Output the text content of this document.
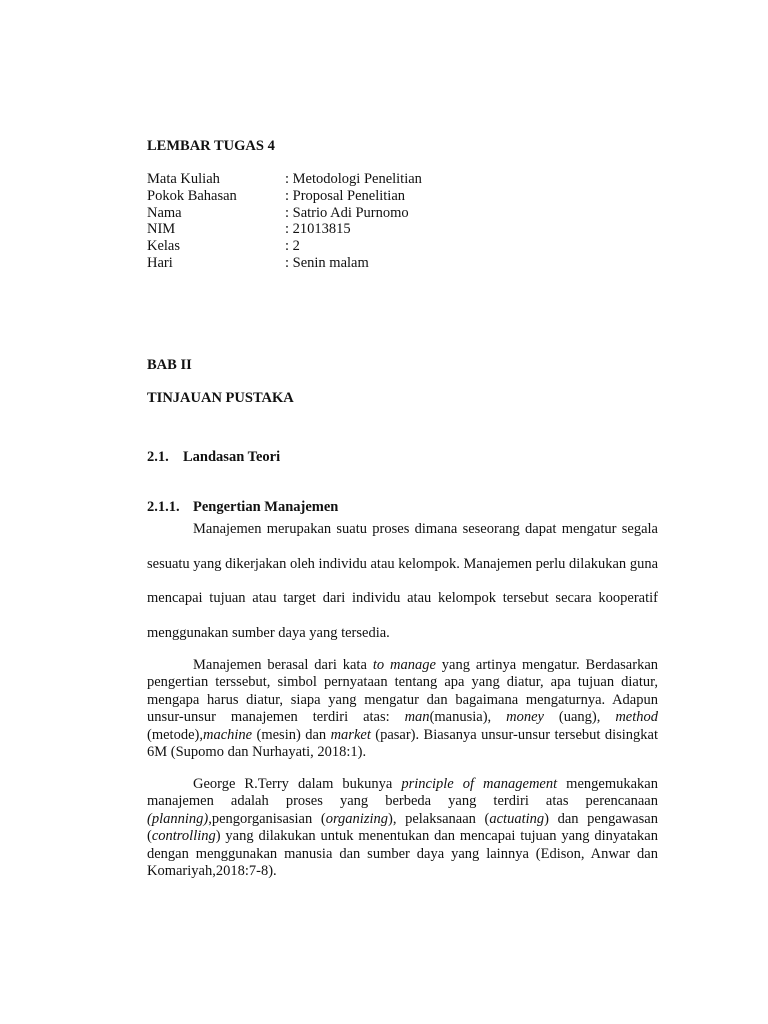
LEMBAR TUGAS 4
Mata Kuliah	: Metodologi Penelitian
Pokok Bahasan	: Proposal Penelitian
Nama	: Satrio Adi Purnomo
NIM	: 21013815
Kelas	: 2
Hari	: Senin malam
BAB II
TINJAUAN PUSTAKA
2.1. Landasan Teori
2.1.1. Pengertian Manajemen

Manajemen merupakan suatu proses dimana seseorang dapat mengatur segala sesuatu yang dikerjakan oleh individu atau kelompok. Manajemen perlu dilakukan guna mencapai tujuan atau target dari individu atau kelompok tersebut secara kooperatif menggunakan sumber daya yang tersedia.

Manajemen berasal dari kata to manage yang artinya mengatur. Berdasarkan pengertian terssebut, simbol pernyataan tentang apa yang diatur, apa tujuan diatur, mengapa harus diatur, siapa yang mengatur dan bagaimana mengaturnya. Adapun unsur-unsur manajemen terdiri atas: man(manusia), money (uang), method (metode),machine (mesin) dan market (pasar). Biasanya unsur-unsur tersebut disingkat 6M (Supomo dan Nurhayati, 2018:1).

George R.Terry dalam bukunya principle of management mengemukakan manajemen adalah proses yang berbeda yang terdiri atas perencanaan (planning),pengorganisasian (organizing), pelaksanaan (actuating) dan pengawasan (controlling) yang dilakukan untuk menentukan dan mencapai tujuan yang dinyatakan dengan menggunakan manusia dan sumber daya yang lainnya (Edison, Anwar dan Komariyah,2018:7-8).
